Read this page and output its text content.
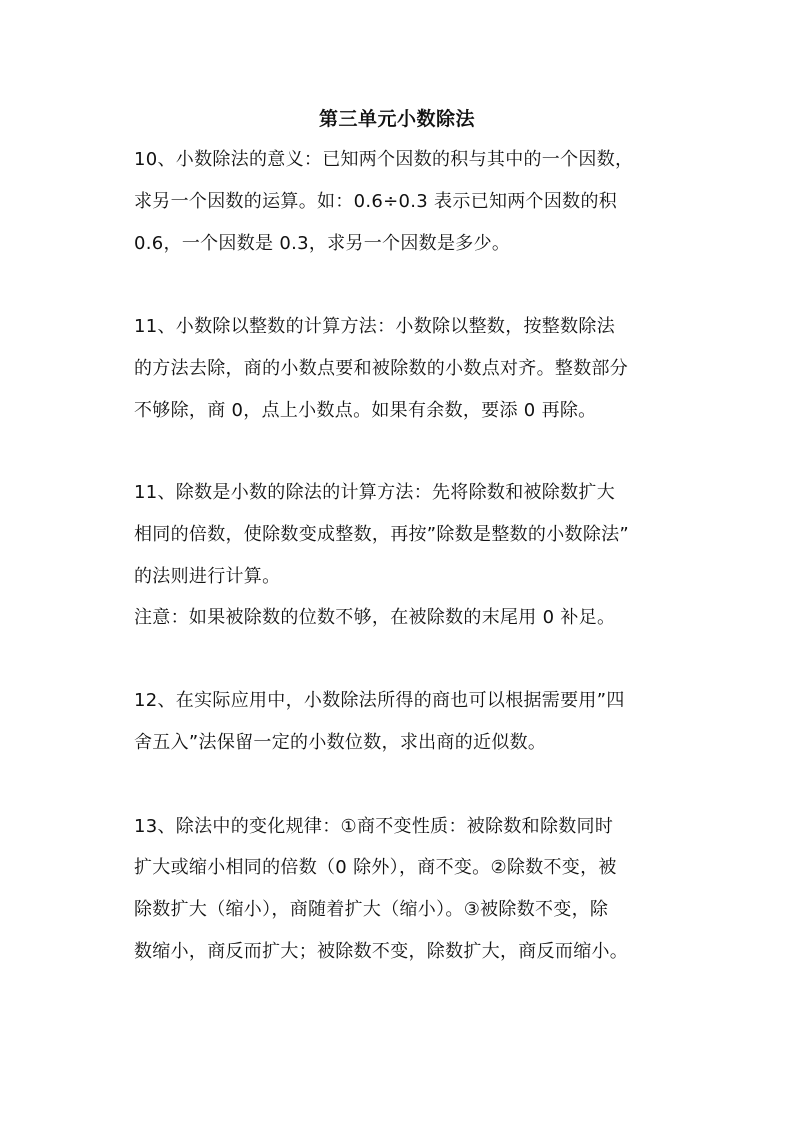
第三单元小数除法
10、小数除法的意义：已知两个因数的积与其中的一个因数，
求另一个因数的运算。如：0.6÷0.3 表示已知两个因数的积
0.6，一个因数是 0.3，求另一个因数是多少。
11、小数除以整数的计算方法：小数除以整数，按整数除法
的方法去除，商的小数点要和被除数的小数点对齐。整数部分
不够除，商 0，点上小数点。如果有余数，要添 0 再除。
11、除数是小数的除法的计算方法：先将除数和被除数扩大
相同的倍数，使除数变成整数，再按”除数是整数的小数除法”
的法则进行计算。
注意：如果被除数的位数不够，在被除数的末尾用 0 补足。
12、在实际应用中，小数除法所得的商也可以根据需要用”四
舍五入”法保留一定的小数位数，求出商的近似数。
13、除法中的变化规律：①商不变性质：被除数和除数同时
扩大或缩小相同的倍数（0 除外），商不变。②除数不变，被
除数扩大（缩小），商随着扩大（缩小）。③被除数不变，除
数缩小，商反而扩大；被除数不变，除数扩大，商反而缩小。
